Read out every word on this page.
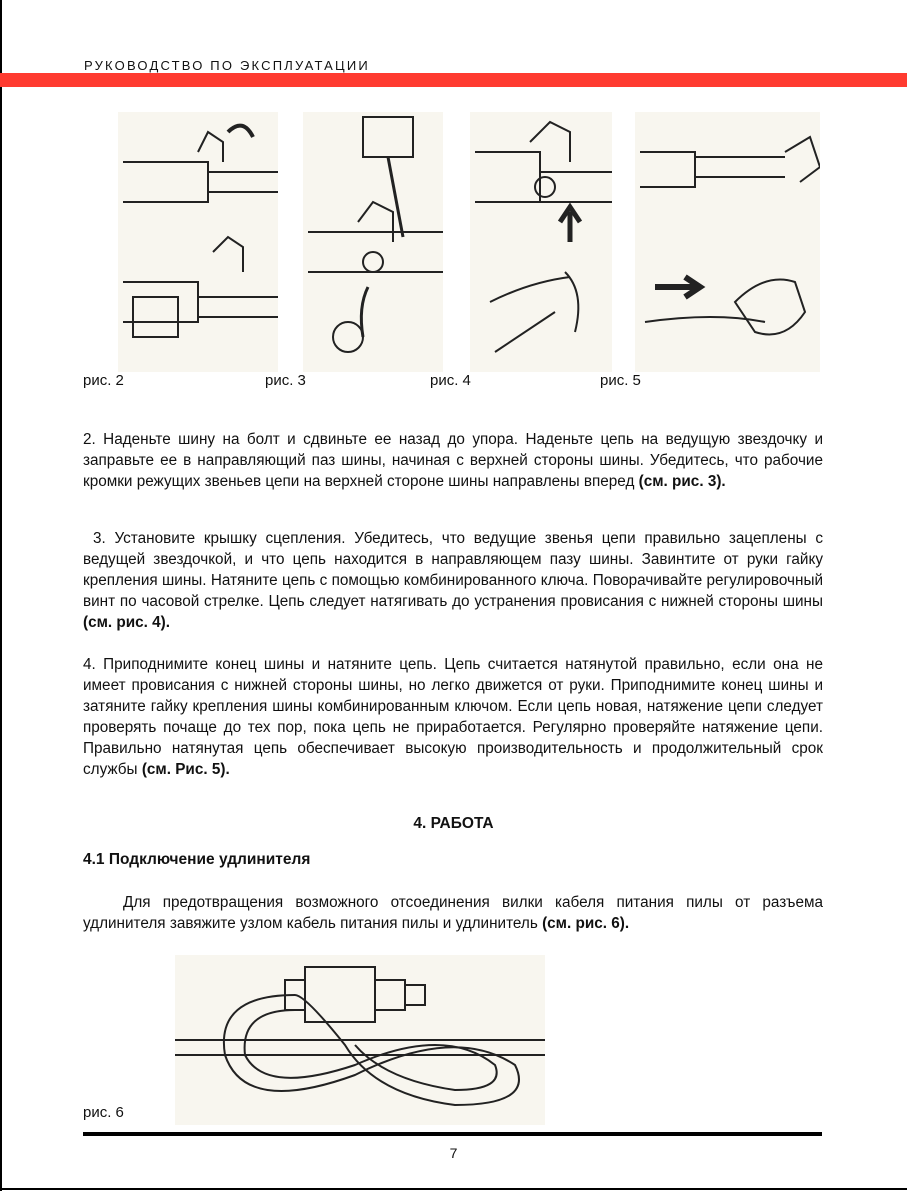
РУКОВОДСТВО ПО ЭКСПЛУАТАЦИИ
рис. 2	рис. 3	рис. 4	рис. 5
2. Наденьте шину на болт и сдвиньте ее назад до упора. Наденьте цепь на ведущую звездочку и заправьте ее в направляющий паз шины, начиная с верхней стороны шины. Убедитесь, что рабочие кромки режущих звеньев цепи на верхней стороне шины направлены вперед (см. рис. 3).
3. Установите крышку сцепления. Убедитесь, что ведущие звенья цепи правильно зацеплены с ведущей звездочкой, и что цепь находится в направляющем пазу шины. Завинтите от руки гайку крепления шины. Натяните цепь с помощью комбинированного ключа. Поворачивайте регулировочный винт по часовой стрелке. Цепь следует натягивать до устранения провисания с нижней стороны шины (см. рис. 4).
4. Приподнимите конец шины и натяните цепь. Цепь считается натянутой правильно, если она не имеет провисания с нижней стороны шины, но легко движется от руки. Приподнимите конец шины и затяните гайку крепления шины комбинированным ключом. Если цепь новая, натяжение цепи следует проверять почаще до тех пор, пока цепь не приработается. Регулярно проверяйте натяжение цепи. Правильно натянутая цепь обеспечивает высокую производительность и продолжительный срок службы (см. Рис. 5).
4. РАБОТА
4.1 Подключение удлинителя
Для предотвращения возможного отсоединения вилки кабеля питания пилы от разъема удлинителя завяжите узлом кабель питания пилы и удлинитель (см. рис. 6).
рис. 6
7
